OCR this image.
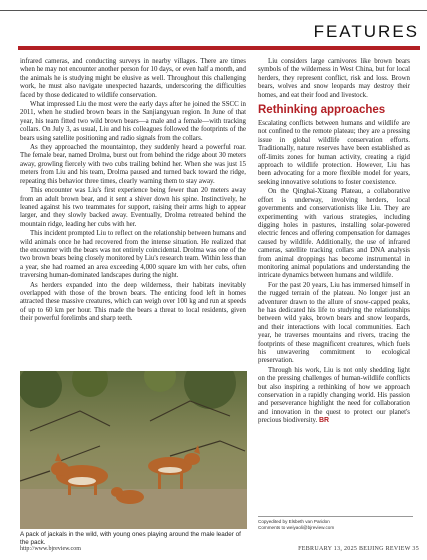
FEATURES

infrared cameras, and conducting surveys in nearby villages. There are times when he may not encounter another person for 10 days, or even half a month, and the animals he is studying might be elusive as well. Throughout this challenging work, he must also navigate unexpected hazards, underscoring the difficulties faced by those dedicated to wildlife conservation.

What impressed Liu the most were the early days after he joined the SSCC in 2011, when he studied brown bears in the Sanjiangyuan region. In June of that year, his team fitted two wild brown bears—a male and a female—with tracking collars. On July 3, as usual, Liu and his colleagues followed the footprints of the bears using satellite positioning and radio signals from the collars.

As they approached the mountaintop, they suddenly heard a powerful roar. The female bear, named Drolma, burst out from behind the ridge about 30 meters away, growling fiercely with two cubs trailing behind her. When she was just 15 meters from Liu and his team, Drolma paused and turned back toward the ridge, repeating this behavior three times, clearly warning them to stay away.

This encounter was Liu's first experience being fewer than 20 meters away from an adult brown bear, and it sent a shiver down his spine. Instinctively, he leaned against his two teammates for support, raising their arms high to appear larger, and they slowly backed away. Eventually, Drolma retreated behind the mountain ridge, leading her cubs with her.

This incident prompted Liu to reflect on the relationship between humans and wild animals once he had recovered from the intense situation. He realized that the encounter with the bears was not entirely coincidental. Drolma was one of the two brown bears being closely monitored by Liu's research team. Within less than a year, she had roamed an area exceeding 4,000 square km with her cubs, often traversing human-dominated landscapes during the night.

As herders expanded into the deep wilderness, their habitats inevitably overlapped with those of the brown bears. The enticing food left in homes attracted these massive creatures, which can weigh over 100 kg and run at speeds of up to 60 km per hour. This made the bears a threat to local residents, given their powerful forelimbs and sharp teeth.

A pack of jackals in the wild, with young ones playing around the male leader of the pack.

Liu considers large carnivores like brown bears symbols of the wilderness in West China, but for local herders, they represent conflict, risk and loss. Brown bears, wolves and snow leopards may destroy their homes, and eat their food and livestock.

Rethinking approaches

Escalating conflicts between humans and wildlife are not confined to the remote plateau; they are a pressing issue in global wildlife conservation efforts. Traditionally, nature reserves have been established as off-limits zones for human activity, creating a rigid approach to wildlife protection. However, Liu has been advocating for a more flexible model for years, seeking innovative solutions to foster coexistence.

On the Qinghai-Xizang Plateau, a collaborative effort is underway, involving herders, local governments and conservationists like Liu. They are experimenting with various strategies, including digging holes in pastures, installing solar-powered electric fences and offering compensation for damages caused by wildlife. Additionally, the use of infrared cameras, satellite tracking collars and DNA analysis from animal droppings has become instrumental in monitoring animal populations and understanding the intricate dynamics between humans and wildlife.

For the past 20 years, Liu has immersed himself in the rugged terrain of the plateau. No longer just an adventurer drawn to the allure of snow-capped peaks, he has dedicated his life to studying the relationships between wild yaks, brown bears and snow leopards, and their interactions with local communities. Each year, he traverses mountains and rivers, tracing the footprints of these magnificent creatures, which fuels his unwavering commitment to ecological preservation.

Through his work, Liu is not only shedding light on the pressing challenges of human-wildlife conflicts but also inspiring a rethinking of how we approach conservation in a rapidly changing world. His passion and perseverance highlight the need for collaboration and innovation in the quest to protect our planet's precious biodiversity. BR

Copyedited by Elsbeth van Paridon
Comments to weiyaoli@bjreview.com
http://www.bjreview.com	FEBRUARY 13, 2025 BEIJING REVIEW 35
